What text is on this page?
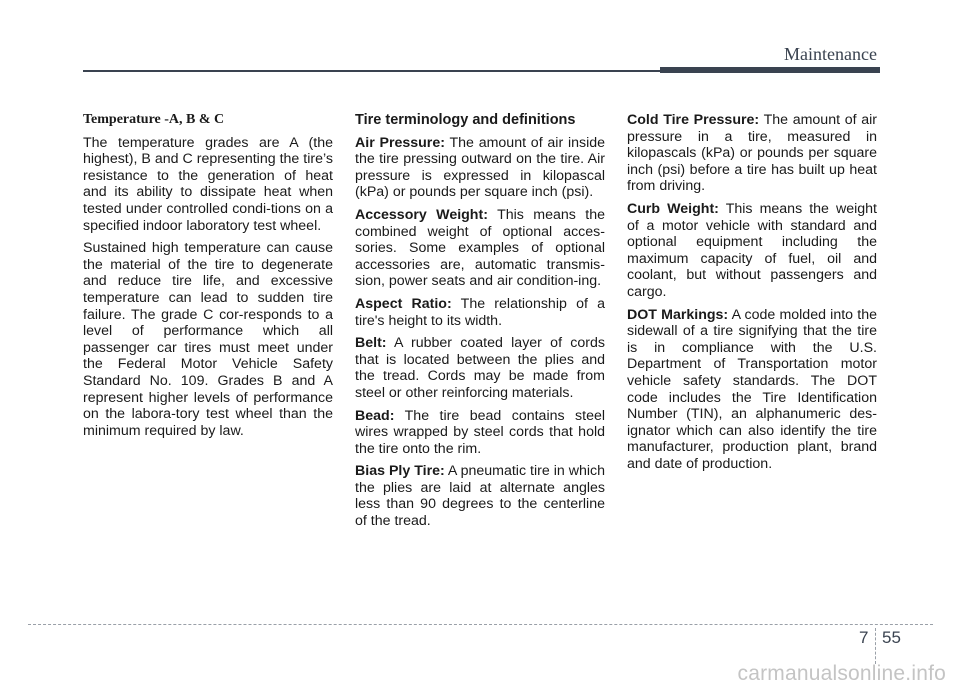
Maintenance

Temperature -A, B & C

The temperature grades are A (the highest), B and C representing the tire’s resistance to the generation of heat and its ability to dissipate heat when tested under controlled condi-tions on a specified indoor laboratory test wheel.

Sustained high temperature can cause the material of the tire to degenerate and reduce tire life, and excessive temperature can lead to sudden tire failure. The grade C cor-responds to a level of performance which all passenger car tires must meet under the Federal Motor Vehicle Safety Standard No. 109. Grades B and A represent higher levels of performance on the labora-tory test wheel than the minimum required by law.

Tire terminology and definitions

Air Pressure: The amount of air inside the tire pressing outward on the tire. Air pressure is expressed in kilopascal (kPa) or pounds per square inch (psi).

Accessory Weight: This means the combined weight of optional acces-sories. Some examples of optional accessories are, automatic transmis-sion, power seats and air condition-ing.

Aspect Ratio: The relationship of a tire's height to its width.

Belt: A rubber coated layer of cords that is located between the plies and the tread. Cords may be made from steel or other reinforcing materials.

Bead: The tire bead contains steel wires wrapped by steel cords that hold the tire onto the rim.

Bias Ply Tire: A pneumatic tire in which the plies are laid at alternate angles less than 90 degrees to the centerline of the tread.

Cold Tire Pressure: The amount of air pressure in a tire, measured in kilopascals (kPa) or pounds per square inch (psi) before a tire has built up heat from driving.

Curb Weight: This means the weight of a motor vehicle with standard and optional equipment including the maximum capacity of fuel, oil and coolant, but without passengers and cargo.

DOT Markings: A code molded into the sidewall of a tire signifying that the tire is in compliance with the U.S. Department of Transportation motor vehicle safety standards. The DOT code includes the Tire Identification Number (TIN), an alphanumeric des-ignator which can also identify the tire manufacturer, production plant, brand and date of production.

7 55
carmanualsonline.info
